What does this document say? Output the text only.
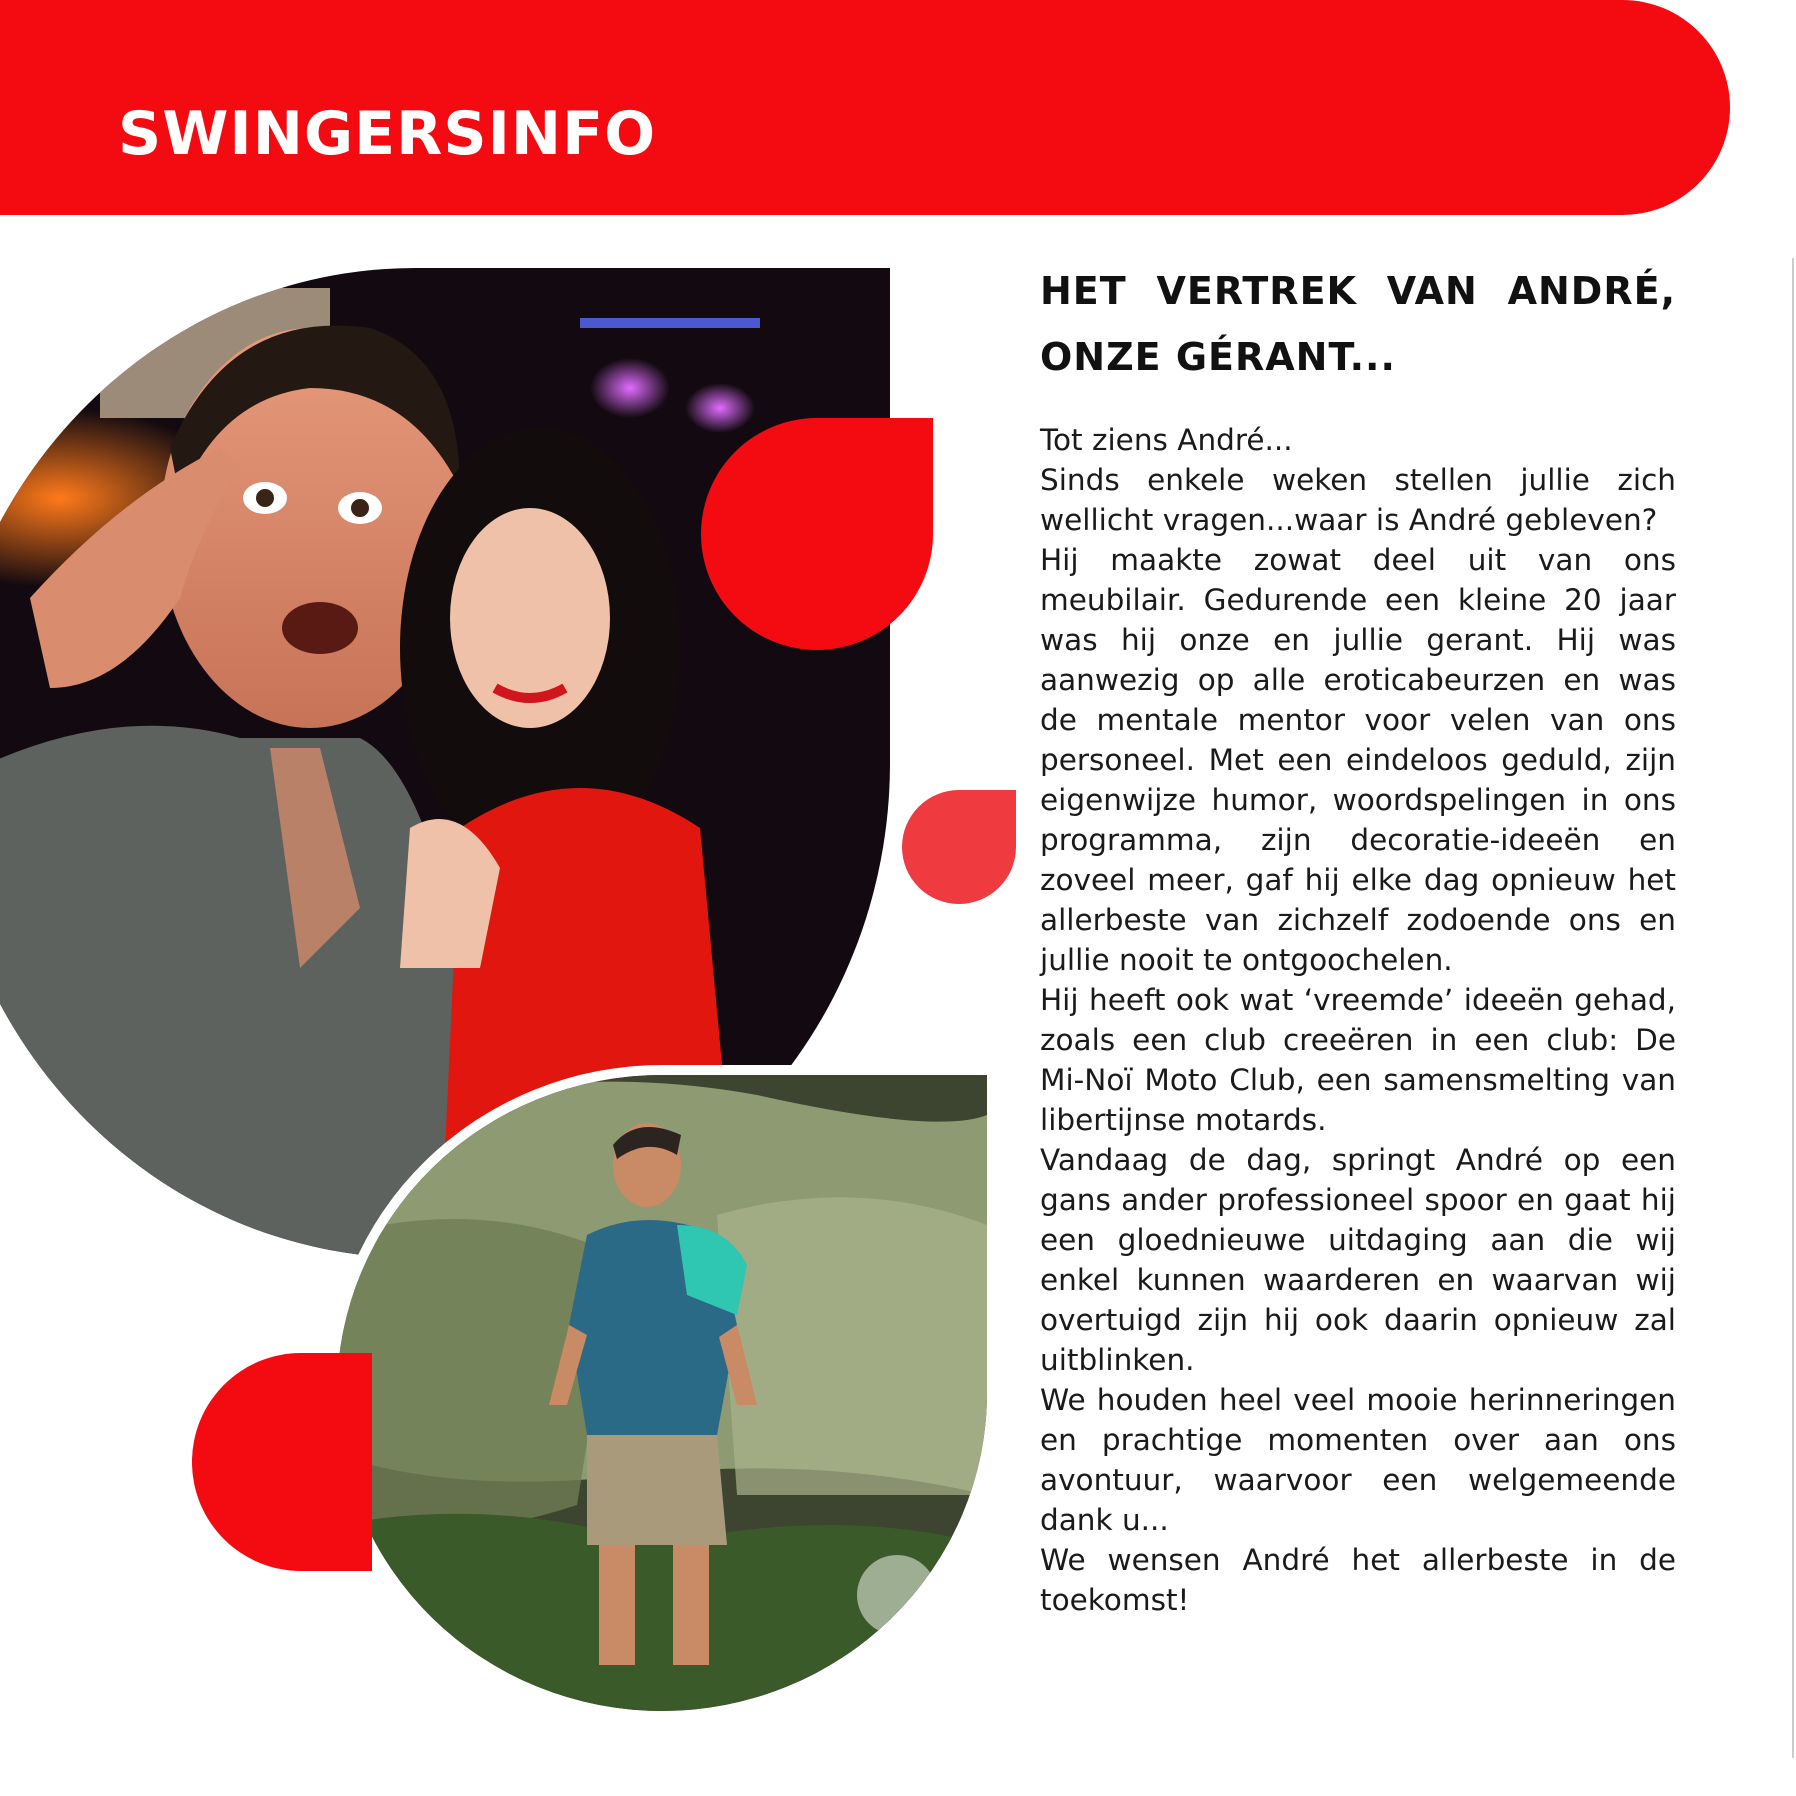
SWINGERSINFO
HET VERTREK VAN ANDRÉ,
ONZE GÉRANT...

Tot ziens André...

Sinds enkele weken stellen jullie zich wellicht vragen...waar is André gebleven?

Hij maakte zowat deel uit van ons meubilair. Gedurende een kleine 20 jaar was hij onze en jullie gerant. Hij was aanwezig op alle eroticabeurzen en was de mentale mentor voor velen van ons personeel. Met een eindeloos geduld, zijn eigenwijze humor, woordspelingen in ons programma, zijn decoratie-ideeën en zoveel meer, gaf hij elke dag opnieuw het allerbeste van zichzelf zodoende ons en jullie nooit te ontgoochelen.

Hij heeft ook wat ‘vreemde’ ideeën gehad, zoals een club creeëren in een club: De Mi-Noï Moto Club, een samensmelting van libertijnse motards.

Vandaag de dag, springt André op een gans ander professioneel spoor en gaat hij een gloednieuwe uitdaging aan die wij enkel kunnen waarderen en waarvan wij overtuigd zijn hij ook daarin opnieuw zal uitblinken.

We houden heel veel mooie herinneringen en prachtige momenten over aan ons avontuur, waarvoor een welgemeende dank u...

We wensen André het allerbeste in de toekomst!
